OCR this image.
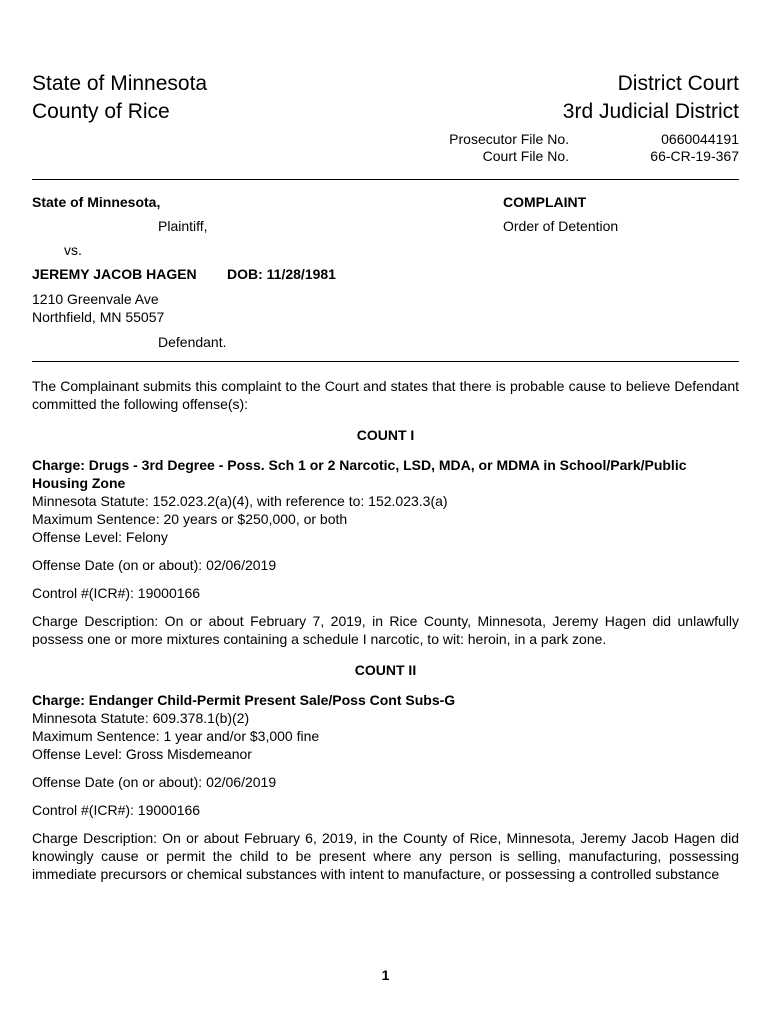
State of Minnesota
County of Rice
District Court
3rd Judicial District
Prosecutor File No.	0660044191
Court File No.	66-CR-19-367
State of Minnesota,
Plaintiff,
vs.
JEREMY JACOB HAGEN DOB: 11/28/1981
1210 Greenvale Ave
Northfield, MN 55057
Defendant.
COMPLAINT
Order of Detention
The Complainant submits this complaint to the Court and states that there is probable cause to believe Defendant committed the following offense(s):
COUNT I
Charge: Drugs - 3rd Degree - Poss. Sch 1 or 2 Narcotic, LSD, MDA, or MDMA in School/Park/Public Housing Zone
Minnesota Statute: 152.023.2(a)(4), with reference to: 152.023.3(a)
Maximum Sentence: 20 years or $250,000, or both
Offense Level: Felony
Offense Date (on or about): 02/06/2019
Control #(ICR#): 19000166
Charge Description: On or about February 7, 2019, in Rice County, Minnesota, Jeremy Hagen did unlawfully possess one or more mixtures containing a schedule I narcotic, to wit: heroin, in a park zone.
COUNT II
Charge: Endanger Child-Permit Present Sale/Poss Cont Subs-G
Minnesota Statute: 609.378.1(b)(2)
Maximum Sentence: 1 year and/or $3,000 fine
Offense Level: Gross Misdemeanor
Offense Date (on or about): 02/06/2019
Control #(ICR#): 19000166
Charge Description: On or about February 6, 2019, in the County of Rice, Minnesota, Jeremy Jacob Hagen did knowingly cause or permit the child to be present where any person is selling, manufacturing, possessing immediate precursors or chemical substances with intent to manufacture, or possessing a controlled substance
1
